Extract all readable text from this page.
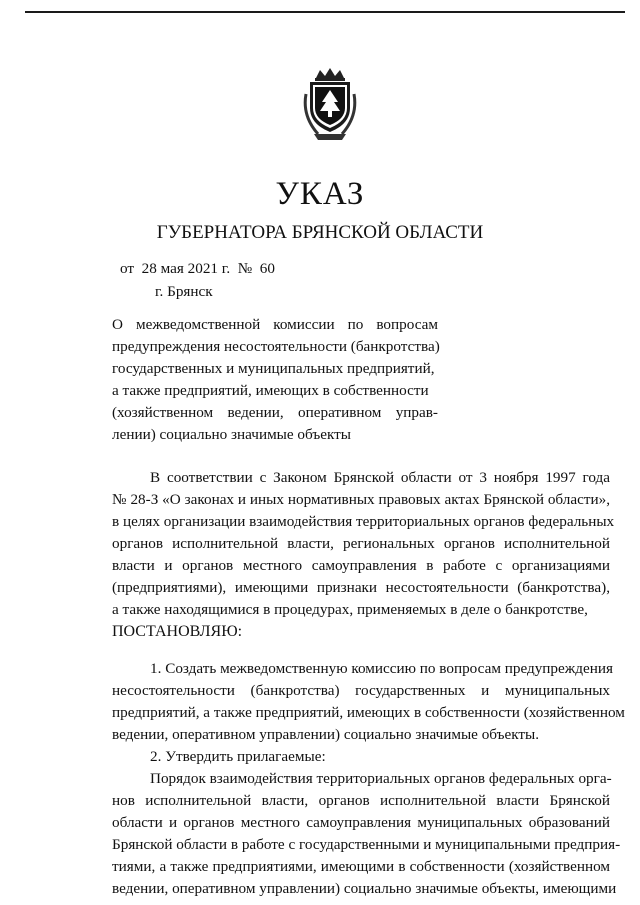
УКАЗ
ГУБЕРНАТОРА БРЯНСКОЙ ОБЛАСТИ
от  28 мая 2021 г.  №  60
г. Брянск
О межведомственной комиссии по вопросам
предупреждения несостоятельности (банкротства)
государственных и муниципальных предприятий,
а также предприятий, имеющих в собственности
(хозяйственном ведении, оперативном управ-
лении) социально значимые объекты
В соответствии с Законом Брянской области от 3 ноября 1997 года
№ 28-З «О законах и иных нормативных правовых актах Брянской области»,
в целях организации взаимодействия территориальных органов федеральных
органов исполнительной власти, региональных органов исполнительной
власти и органов местного самоуправления в работе с организациями
(предприятиями), имеющими признаки несостоятельности (банкротства),
а также находящимися в процедурах, применяемых в деле о банкротстве,
ПОСТАНОВЛЯЮ:
1. Создать межведомственную комиссию по вопросам предупреждения
несостоятельности (банкротства) государственных и муниципальных
предприятий, а также предприятий, имеющих в собственности (хозяйственном
ведении, оперативном управлении) социально значимые объекты.
2. Утвердить прилагаемые:
Порядок взаимодействия территориальных органов федеральных орга-
нов исполнительной власти, органов исполнительной власти Брянской
области и органов местного самоуправления муниципальных образований
Брянской области в работе с государственными и муниципальными предприя-
тиями, а также предприятиями, имеющими в собственности (хозяйственном
ведении, оперативном управлении) социально значимые объекты, имеющими
